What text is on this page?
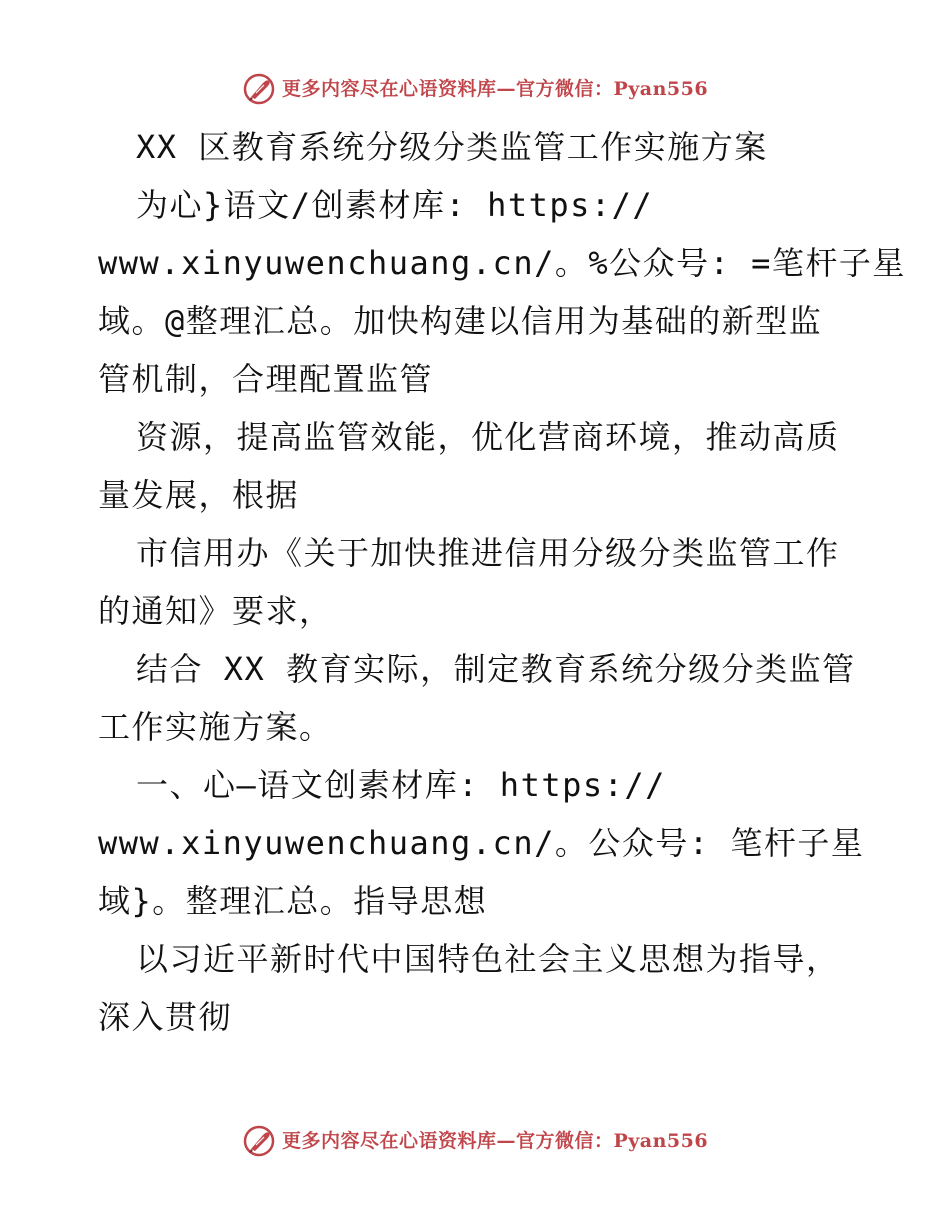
更多内容尽在心语资料库—官方微信：Pyan556
XX 区教育系统分级分类监管工作实施方案
为心}语文/创素材库: https://
www.xinyuwenchuang.cn/。%公众号: =笔杆子星
域。@整理汇总。加快构建以信用为基础的新型监
管机制，合理配置监管
资源，提高监管效能，优化营商环境，推动高质
量发展，根据
市信用办《关于加快推进信用分级分类监管工作
的通知》要求，
结合 XX 教育实际，制定教育系统分级分类监管
工作实施方案。
一、心—语文创素材库: https://
www.xinyuwenchuang.cn/。公众号: 笔杆子星
域}。整理汇总。指导思想
以习近平新时代中国特色社会主义思想为指导，
深入贯彻
更多内容尽在心语资料库—官方微信：Pyan556
